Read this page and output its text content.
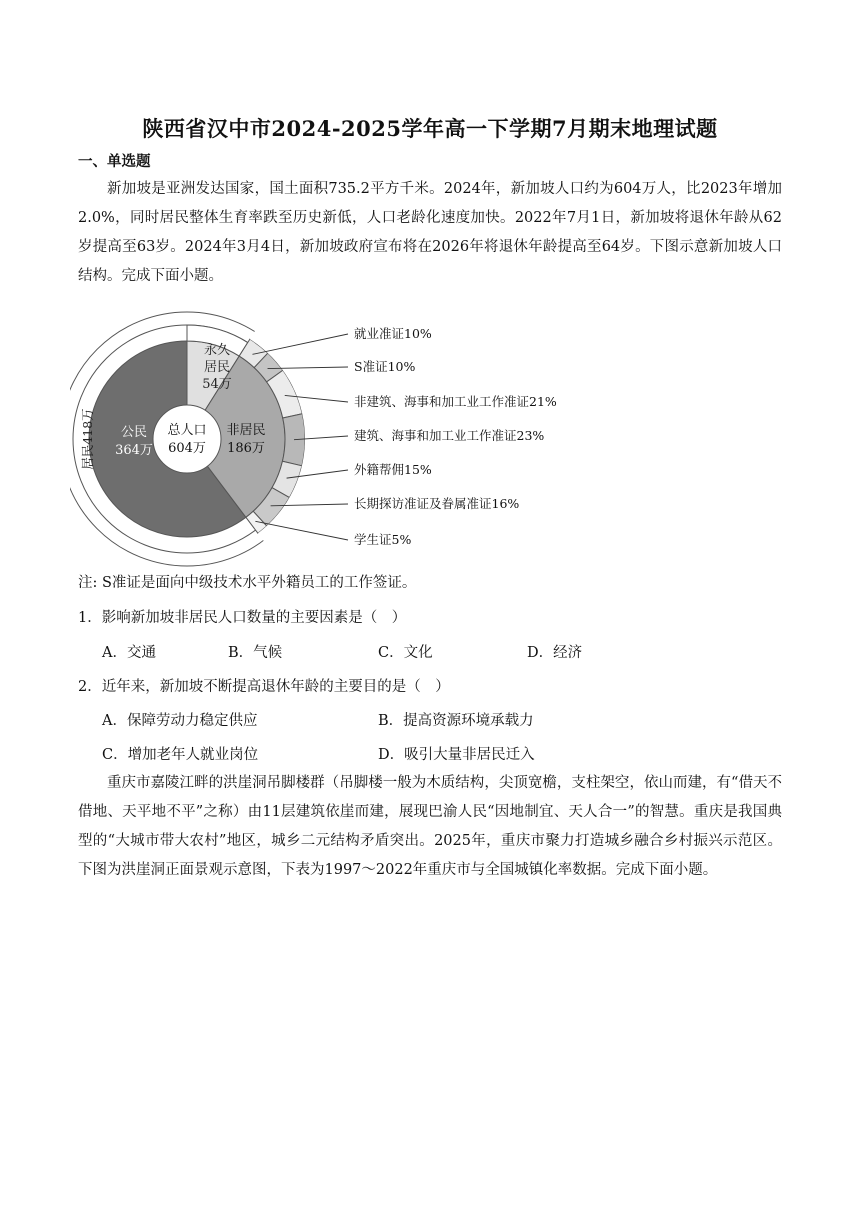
陕西省汉中市2024-2025学年高一下学期7月期末地理试题
一、单选题
新加坡是亚洲发达国家，国土面积735.2平方千米。2024年，新加坡人口约为604万人，比2023年增加2.0%，同时居民整体生育率跌至历史新低，人口老龄化速度加快。2022年7月1日，新加坡将退休年龄从62岁提高至63岁。2024年3月4日，新加坡政府宣布将在2026年将退休年龄提高至64岁。下图示意新加坡人口结构。完成下面小题。
就业准证10%
S准证10%
非建筑、海事和加工业工作准证21%
建筑、海事和加工业工作准证23%
外籍帮佣15%
长期探访准证及眷属准证16%
学生证5%
总人口
604万
公民
364万
永久
居民
54万
非居民
186万
居民418万
注: S准证是面向中级技术水平外籍员工的工作签证。
1．影响新加坡非居民人口数量的主要因素是（　）
A．交通	B．气候	C．文化	D．经济
2．近年来，新加坡不断提高退休年龄的主要目的是（　）
A．保障劳动力稳定供应	B．提高资源环境承载力
C．增加老年人就业岗位	D．吸引大量非居民迁入
重庆市嘉陵江畔的洪崖洞吊脚楼群（吊脚楼一般为木质结构，尖顶宽檐，支柱架空，依山而建，有“借天不借地、天平地不平”之称）由11层建筑依崖而建，展现巴渝人民“因地制宜、天人合一”的智慧。重庆是我国典型的“大城市带大农村”地区，城乡二元结构矛盾突出。2025年，重庆市聚力打造城乡融合乡村振兴示范区。下图为洪崖洞正面景观示意图，下表为1997～2022年重庆市与全国城镇化率数据。完成下面小题。
